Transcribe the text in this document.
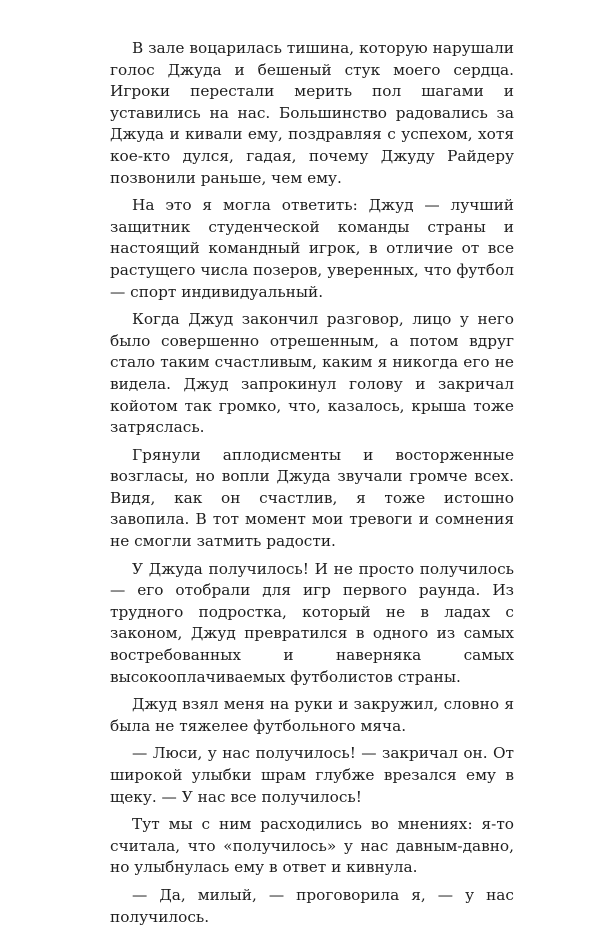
В зале воцарилась тишина, которую нарушали голос Джуда и бешеный стук моего сердца. Игроки перестали мерить пол шагами и уставились на нас. Большинство радовались за Джуда и кивали ему, поздравляя с успехом, хотя кое-кто дулся, гадая, почему Джуду Райдеру позвонили раньше, чем ему.

На это я могла ответить: Джуд — лучший защитник студенческой команды страны и настоящий командный игрок, в отличие от все растущего числа позеров, уверенных, что футбол — спорт индивидуальный.

Когда Джуд закончил разговор, лицо у него было совершенно отрешенным, а потом вдруг стало таким счастливым, каким я никогда его не видела. Джуд запрокинул голову и закричал койотом так громко, что, казалось, крыша тоже затряслась.

Грянули аплодисменты и восторженные возгласы, но вопли Джуда звучали громче всех. Видя, как он счастлив, я тоже истошно завопила. В тот момент мои тревоги и сомнения не смогли затмить радости.

У Джуда получилось! И не просто получилось — его отобрали для игр первого раунда. Из трудного подростка, который не в ладах с законом, Джуд превратился в одного из самых востребованных и наверняка самых высокооплачиваемых футболистов страны.

Джуд взял меня на руки и закружил, словно я была не тяжелее футбольного мяча.

— Люси, у нас получилось! — закричал он. От широкой улыбки шрам глубже врезался ему в щеку. — У нас все получилось!

Тут мы с ним расходились во мнениях: я-то считала, что «получилось» у нас давным-давно, но улыбнулась ему в ответ и кивнула.

— Да, милый, — проговорила я, — у нас получилось.
